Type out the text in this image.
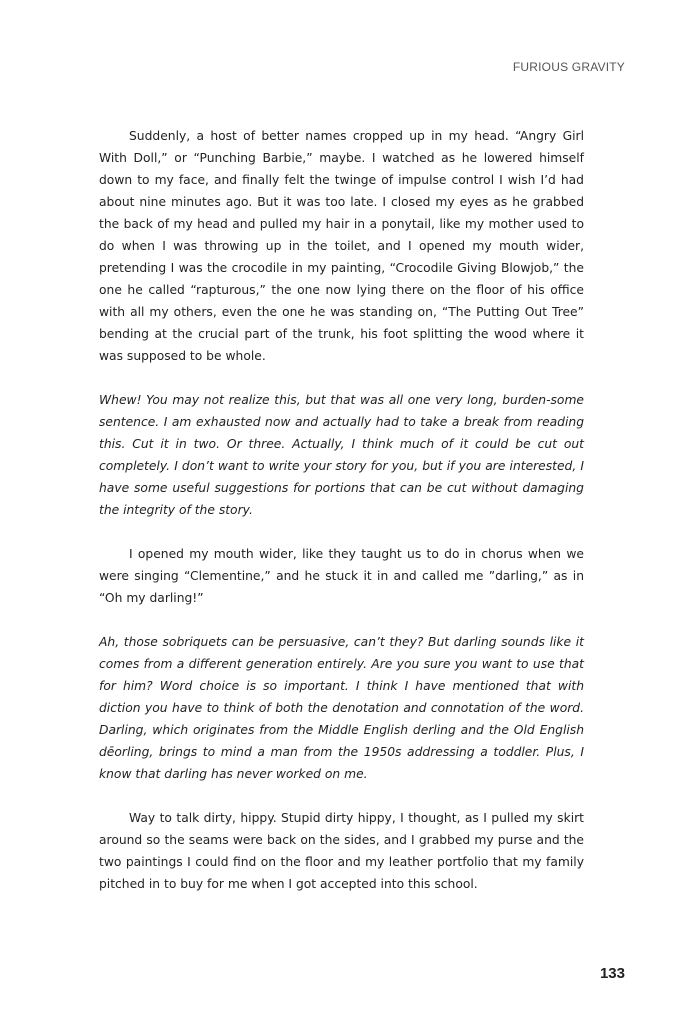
FURIOUS GRAVITY

Suddenly, a host of better names cropped up in my head. “Angry Girl With Doll,” or “Punching Barbie,” maybe. I watched as he lowered himself down to my face, and finally felt the twinge of impulse control I wish I’d had about nine minutes ago. But it was too late. I closed my eyes as he grabbed the back of my head and pulled my hair in a ponytail, like my mother used to do when I was throwing up in the toilet, and I opened my mouth wider, pretending I was the crocodile in my painting, “Crocodile Giving Blowjob,” the one he called “rapturous,” the one now lying there on the floor of his office with all my others, even the one he was standing on, “The Putting Out Tree” bending at the crucial part of the trunk, his foot splitting the wood where it was supposed to be whole.

Whew! You may not realize this, but that was all one very long, burden-some sentence. I am exhausted now and actually had to take a break from reading this. Cut it in two. Or three. Actually, I think much of it could be cut out completely. I don’t want to write your story for you, but if you are interested, I have some useful suggestions for portions that can be cut without damaging the integrity of the story.

I opened my mouth wider, like they taught us to do in chorus when we were singing “Clementine,” and he stuck it in and called me ”darling,” as in “Oh my darling!”

Ah, those sobriquets can be persuasive, can’t they? But darling sounds like it comes from a different generation entirely. Are you sure you want to use that for him? Word choice is so important. I think I have mentioned that with diction you have to think of both the denotation and connotation of the word. Darling, which originates from the Middle English derling and the Old English dēorling, brings to mind a man from the 1950s addressing a toddler. Plus, I know that darling has never worked on me.

Way to talk dirty, hippy. Stupid dirty hippy, I thought, as I pulled my skirt around so the seams were back on the sides, and I grabbed my purse and the two paintings I could find on the floor and my leather portfolio that my family pitched in to buy for me when I got accepted into this school.

133
